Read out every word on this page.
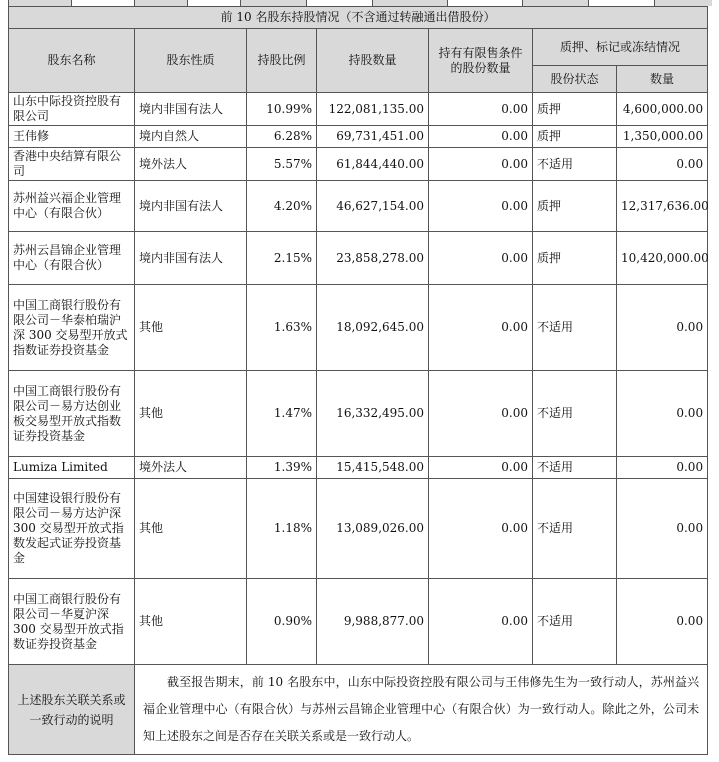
前 10 名股东持股情况（不含通过转融通出借股份）						
股东名称	股东性质	持股比例	持股数量	持有有限售条件的股份数量	质押、标记或冻结情况	
					股份状态	数量
山东中际投资控股有限公司	境内非国有法人	10.99%	122,081,135.00	0.00	质押	4,600,000.00
王伟修	境内自然人	6.28%	69,731,451.00	0.00	质押	1,350,000.00
香港中央结算有限公司	境外法人	5.57%	61,844,440.00	0.00	不适用	0.00
苏州益兴福企业管理中心（有限合伙）	境内非国有法人	4.20%	46,627,154.00	0.00	质押	12,317,636.00
苏州云昌锦企业管理中心（有限合伙）	境内非国有法人	2.15%	23,858,278.00	0.00	质押	10,420,000.00
中国工商银行股份有限公司－华泰柏瑞沪深 300 交易型开放式指数证券投资基金	其他	1.63%	18,092,645.00	0.00	不适用	0.00
中国工商银行股份有限公司－易方达创业板交易型开放式指数证券投资基金	其他	1.47%	16,332,495.00	0.00	不适用	0.00
Lumiza Limited	境外法人	1.39%	15,415,548.00	0.00	不适用	0.00
中国建设银行股份有限公司－易方达沪深 300 交易型开放式指数发起式证券投资基金	其他	1.18%	13,089,026.00	0.00	不适用	0.00
中国工商银行股份有限公司－华夏沪深 300 交易型开放式指数证券投资基金	其他	0.90%	9,988,877.00	0.00	不适用	0.00
上述股东关联关系或一致行动的说明	截至报告期末，前 10 名股东中，山东中际投资控股有限公司与王伟修先生为一致行动人，苏州益兴福企业管理中心（有限合伙）与苏州云昌锦企业管理中心（有限合伙）为一致行动人。除此之外，公司未知上述股东之间是否存在关联关系或是一致行动人。					
